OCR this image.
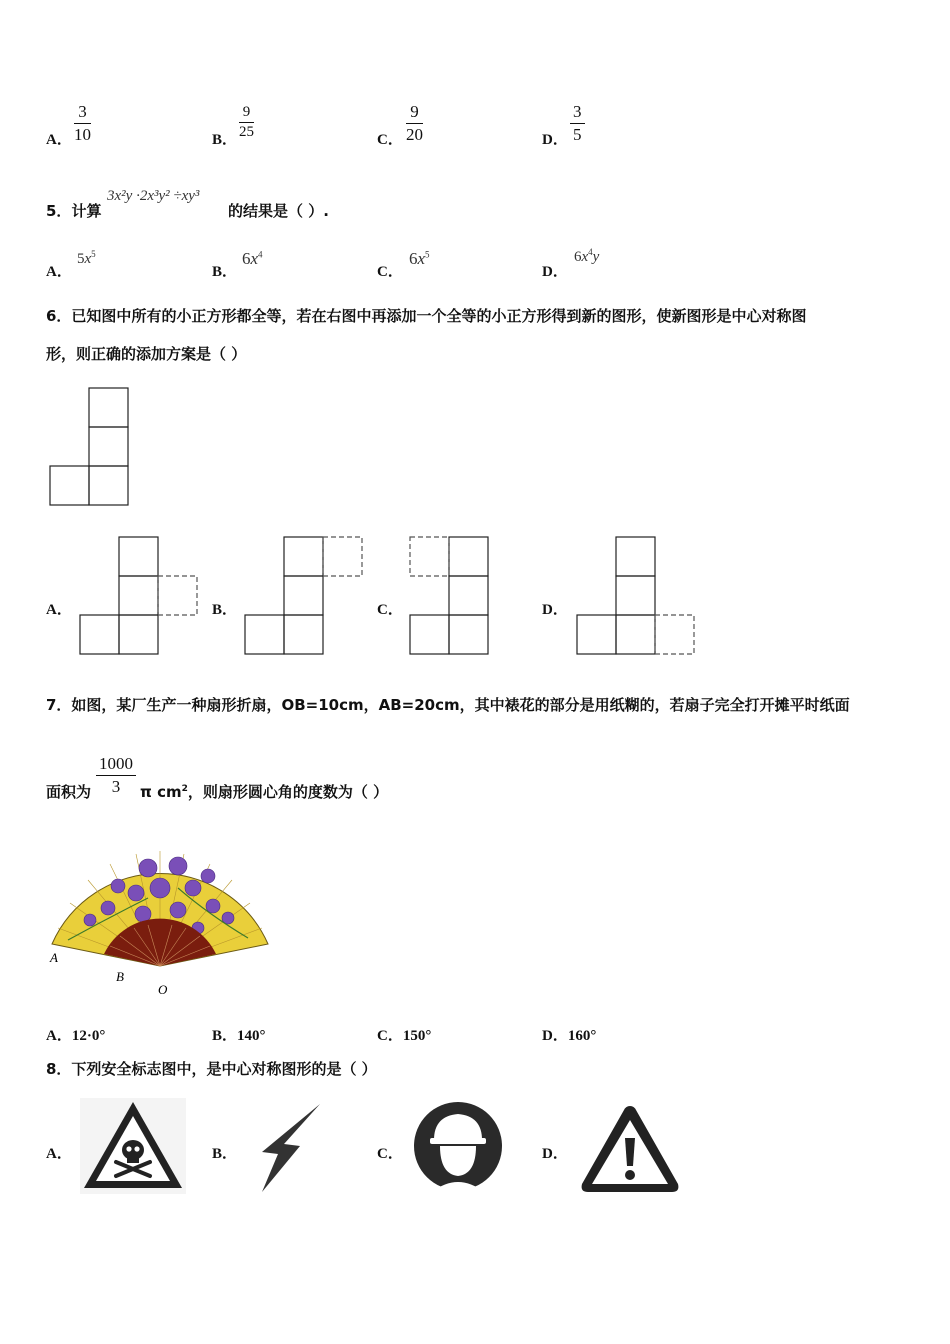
A． $\frac{3}{10}$	B． $\frac{9}{25}$	C． $\frac{9}{20}$	D． $\frac{3}{5}$
5．计算
3x²y ·2x³y² ÷xy³
的结果是（ ）.
A．
$5x^5$
B．
$6x^4$
C．
$6x^5$
D．
$6x^4y$
6．已知图中所有的小正方形都全等，若在右图中再添加一个全等的小正方形得到新的图形，使新图形是中心对称图
形，则正确的添加方案是（ ）
A．	B．	C．	D．
7．如图，某厂生产一种扇形折扇，OB=10cm，AB=20cm，其中裱花的部分是用纸糊的，若扇子完全打开摊平时纸面
面积为 $\frac{1000}{3}$ π $cm^2$，则扇形圆心角的度数为（ ）
A
B
O
A．12·0°	B．140°	C．150°	D．160°
8．下列安全标志图中，是中心对称图形的是（ ）
A．	B．	C．	D．
